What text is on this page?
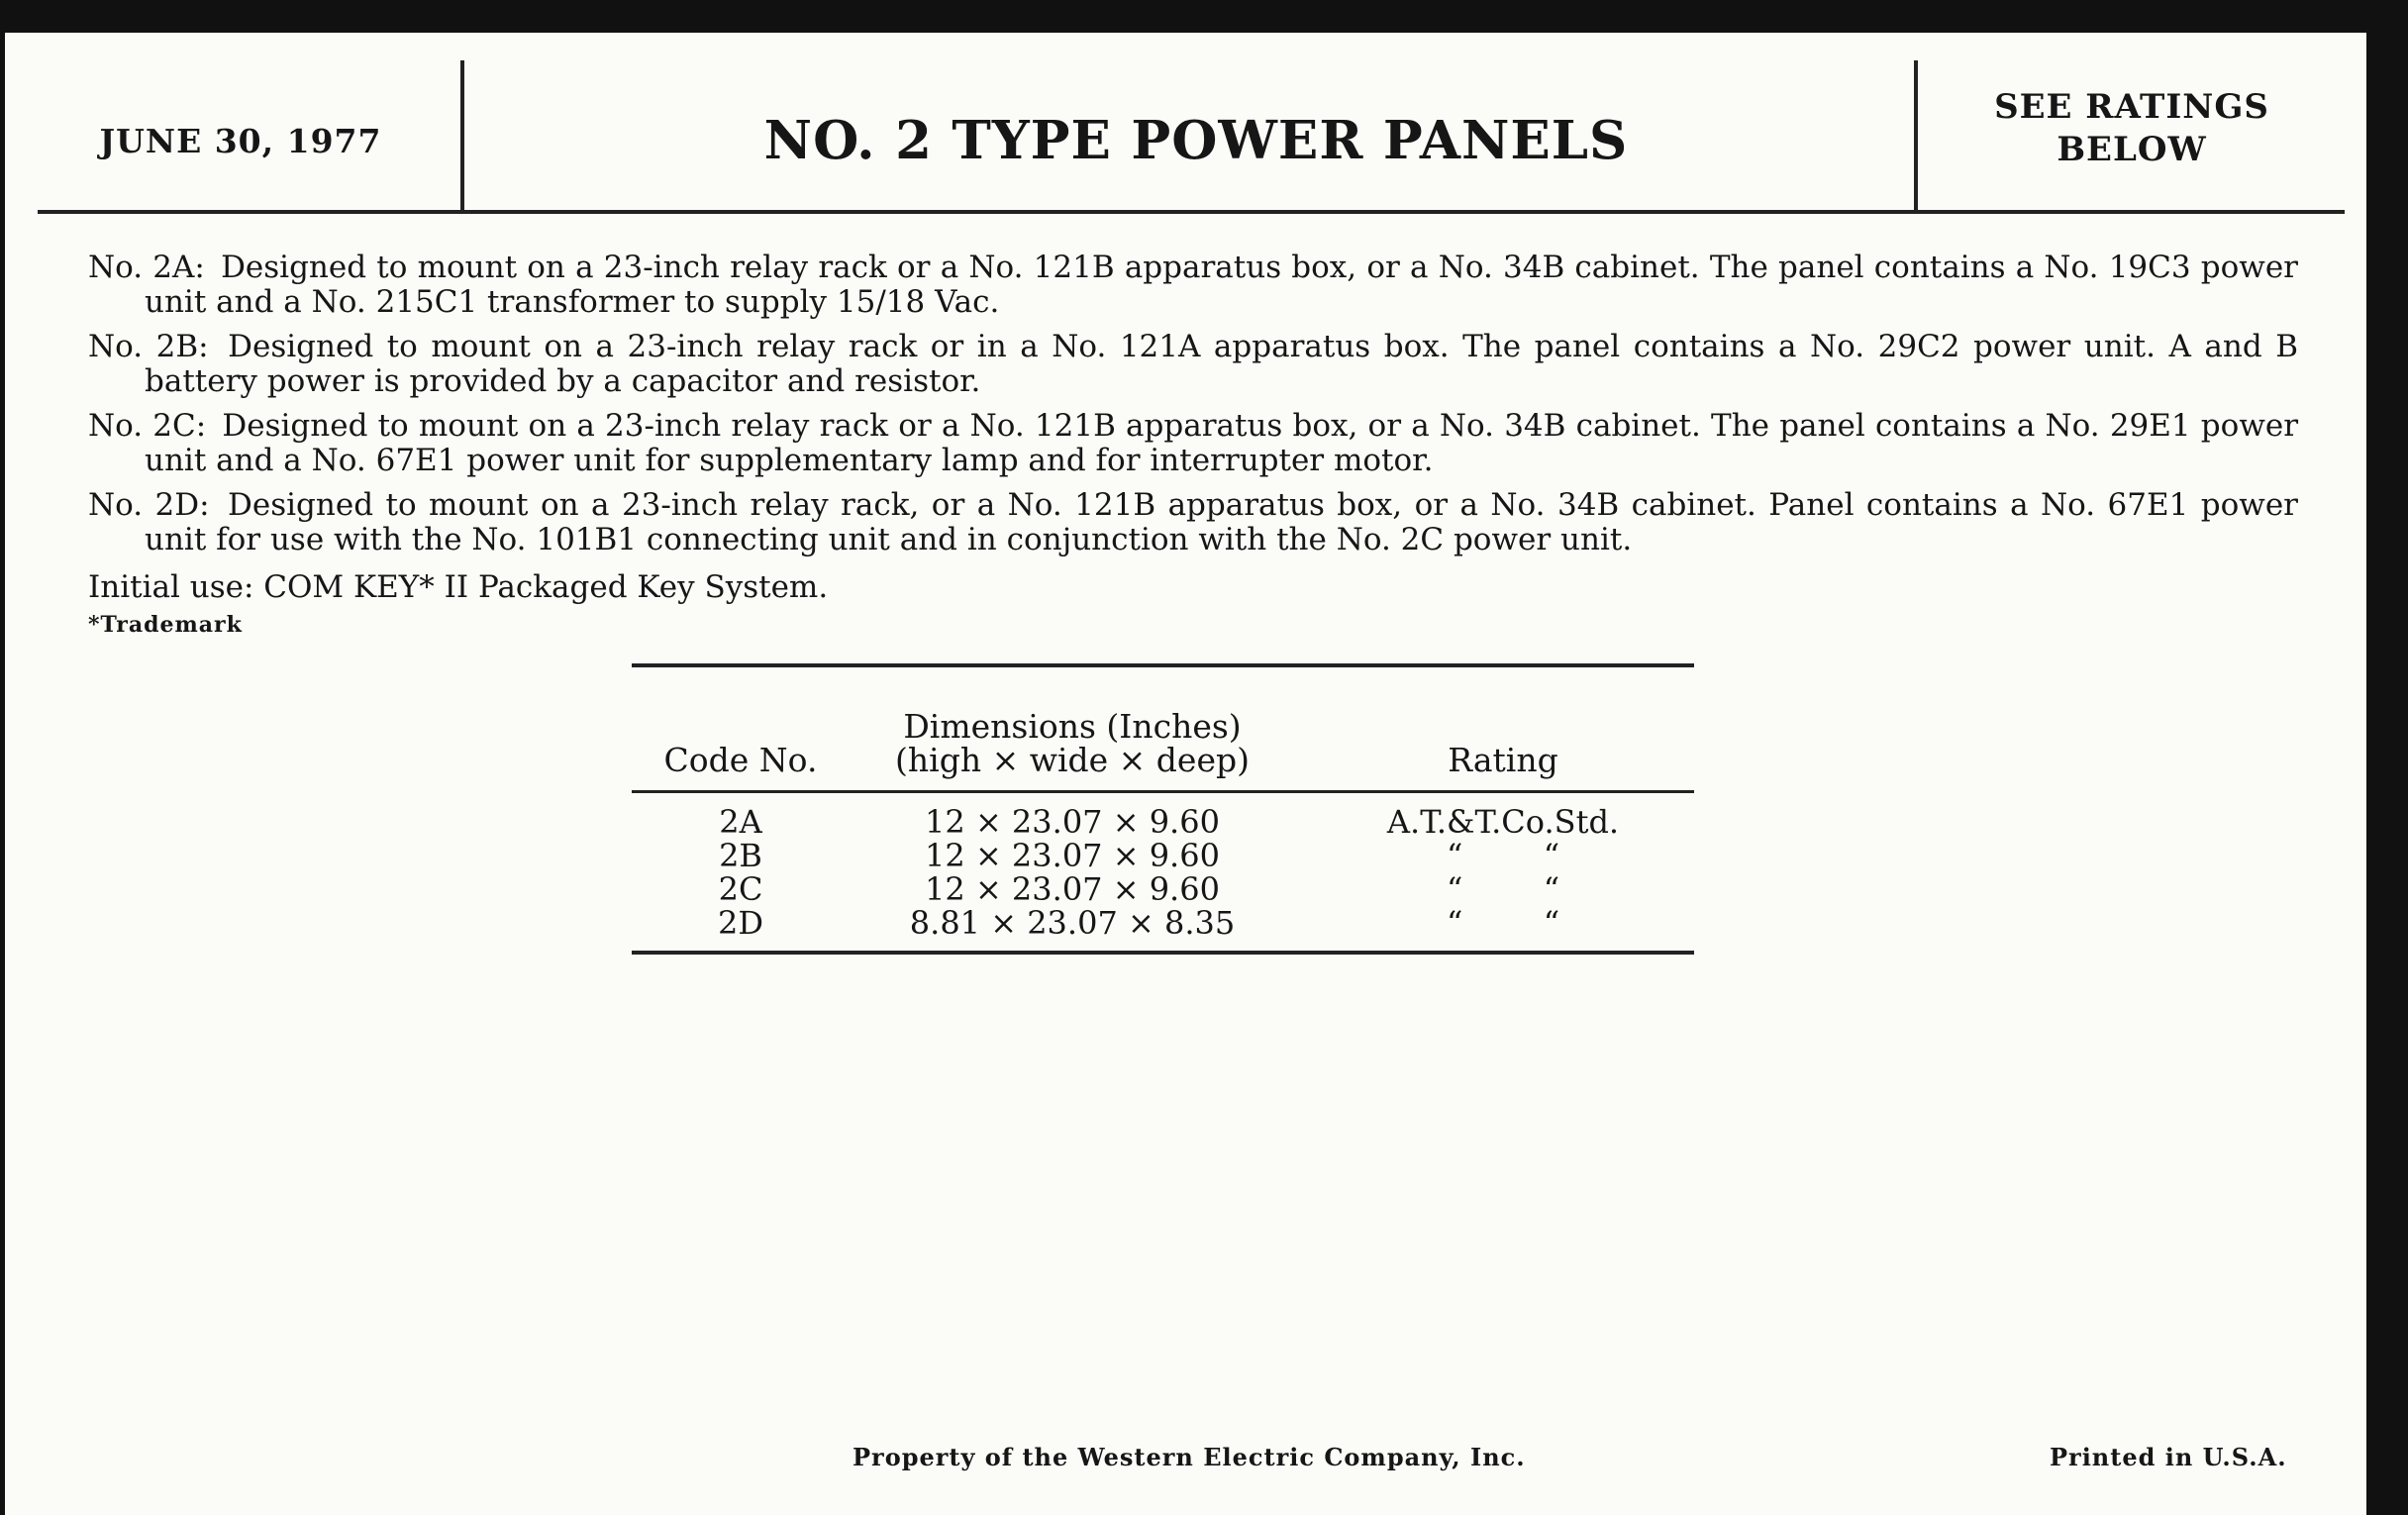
JUNE 30, 1977	NO. 2 TYPE POWER PANELS
SEE RATINGS
BELOW

No. 2A: Designed to mount on a 23-inch relay rack or a No. 121B apparatus box, or a No. 34B cabinet. The panel contains a No. 19C3 power unit and a No. 215C1 transformer to supply 15/18 Vac.

No. 2B: Designed to mount on a 23-inch relay rack or in a No. 121A apparatus box. The panel contains a No. 29C2 power unit. A and B battery power is provided by a capacitor and resistor.

No. 2C: Designed to mount on a 23-inch relay rack or a No. 121B apparatus box, or a No. 34B cabinet. The panel contains a No. 29E1 power unit and a No. 67E1 power unit for supplementary lamp and for interrupter motor.

No. 2D: Designed to mount on a 23-inch relay rack, or a No. 121B apparatus box, or a No. 34B cabinet. Panel contains a No. 67E1 power unit for use with the No. 101B1 connecting unit and in conjunction with the No. 2C power unit.

Initial use: COM KEY* II Packaged Key System.
*Trademark
Code No.
Dimensions (Inches)
(high × wide × deep)	Rating
2A	12 × 23.07 × 9.60	A.T.&T.Co.Std.
2B	12 × 23.07 × 9.60	“        “
2C	12 × 23.07 × 9.60	“        “
2D	8.81 × 23.07 × 8.35	“        “
Property of the Western Electric Company, Inc.	Printed in U.S.A.
